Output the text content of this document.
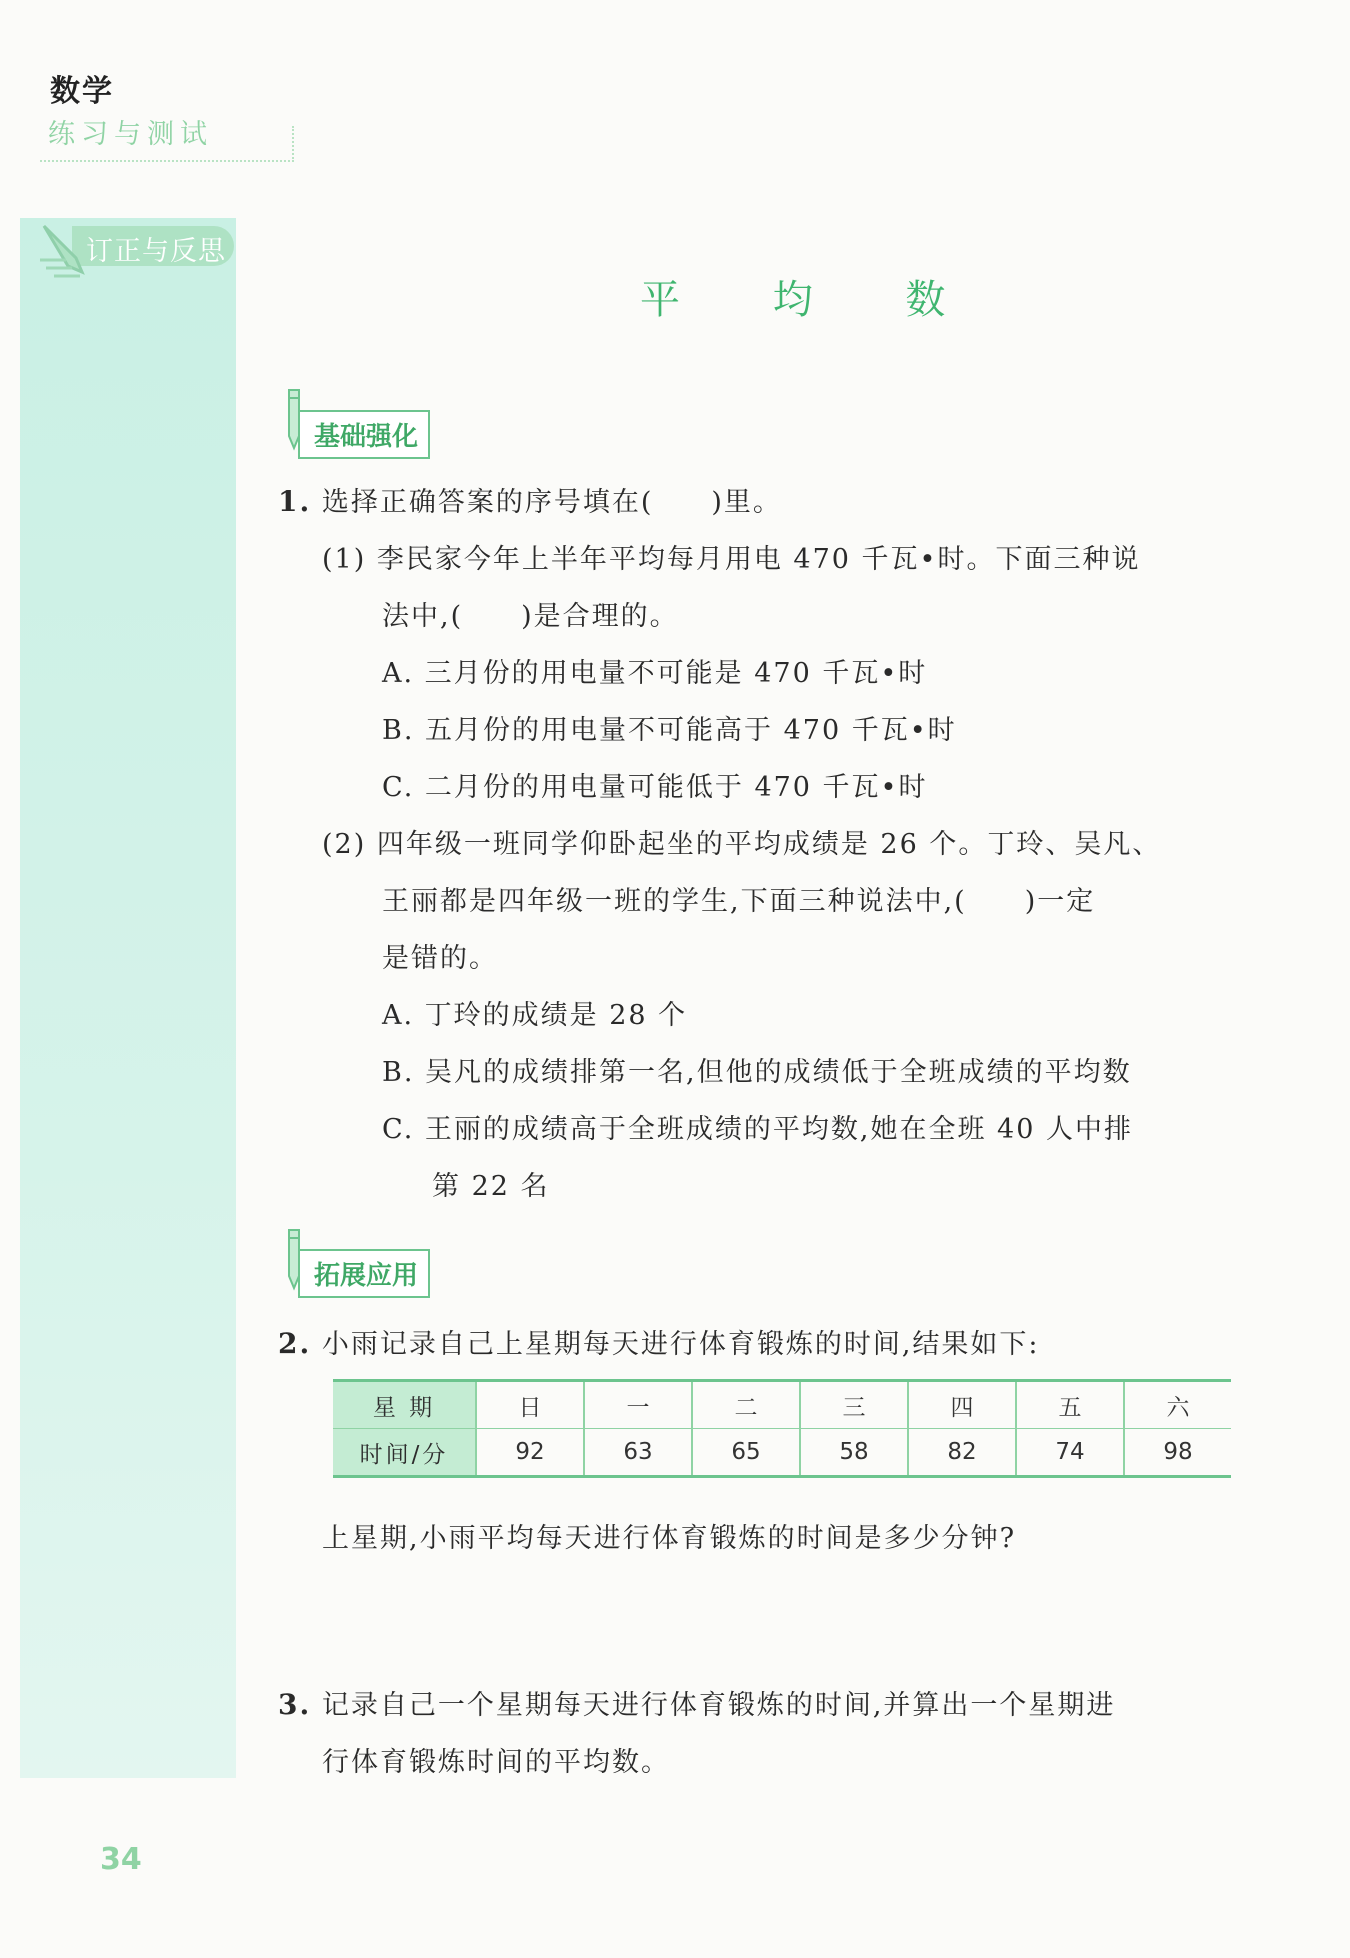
数学
练习与测试
订正与反思
平 均 数
基础强化
1. 选择正确答案的序号填在( )里。
(1) 李民家今年上半年平均每月用电 470 千瓦•时。下面三种说
法中,( )是合理的。
A. 三月份的用电量不可能是 470 千瓦•时
B. 五月份的用电量不可能高于 470 千瓦•时
C. 二月份的用电量可能低于 470 千瓦•时
(2) 四年级一班同学仰卧起坐的平均成绩是 26 个。丁玲、吴凡、
王丽都是四年级一班的学生,下面三种说法中,( )一定
是错的。
A. 丁玲的成绩是 28 个
B. 吴凡的成绩排第一名,但他的成绩低于全班成绩的平均数
C. 王丽的成绩高于全班成绩的平均数,她在全班 40 人中排
第 22 名
拓展应用
2. 小雨记录自己上星期每天进行体育锻炼的时间,结果如下:
星 期	日	一	二	三	四	五	六
时间/分	92	63	65	58	82	74	98
上星期,小雨平均每天进行体育锻炼的时间是多少分钟?
3. 记录自己一个星期每天进行体育锻炼的时间,并算出一个星期进
行体育锻炼时间的平均数。
34
